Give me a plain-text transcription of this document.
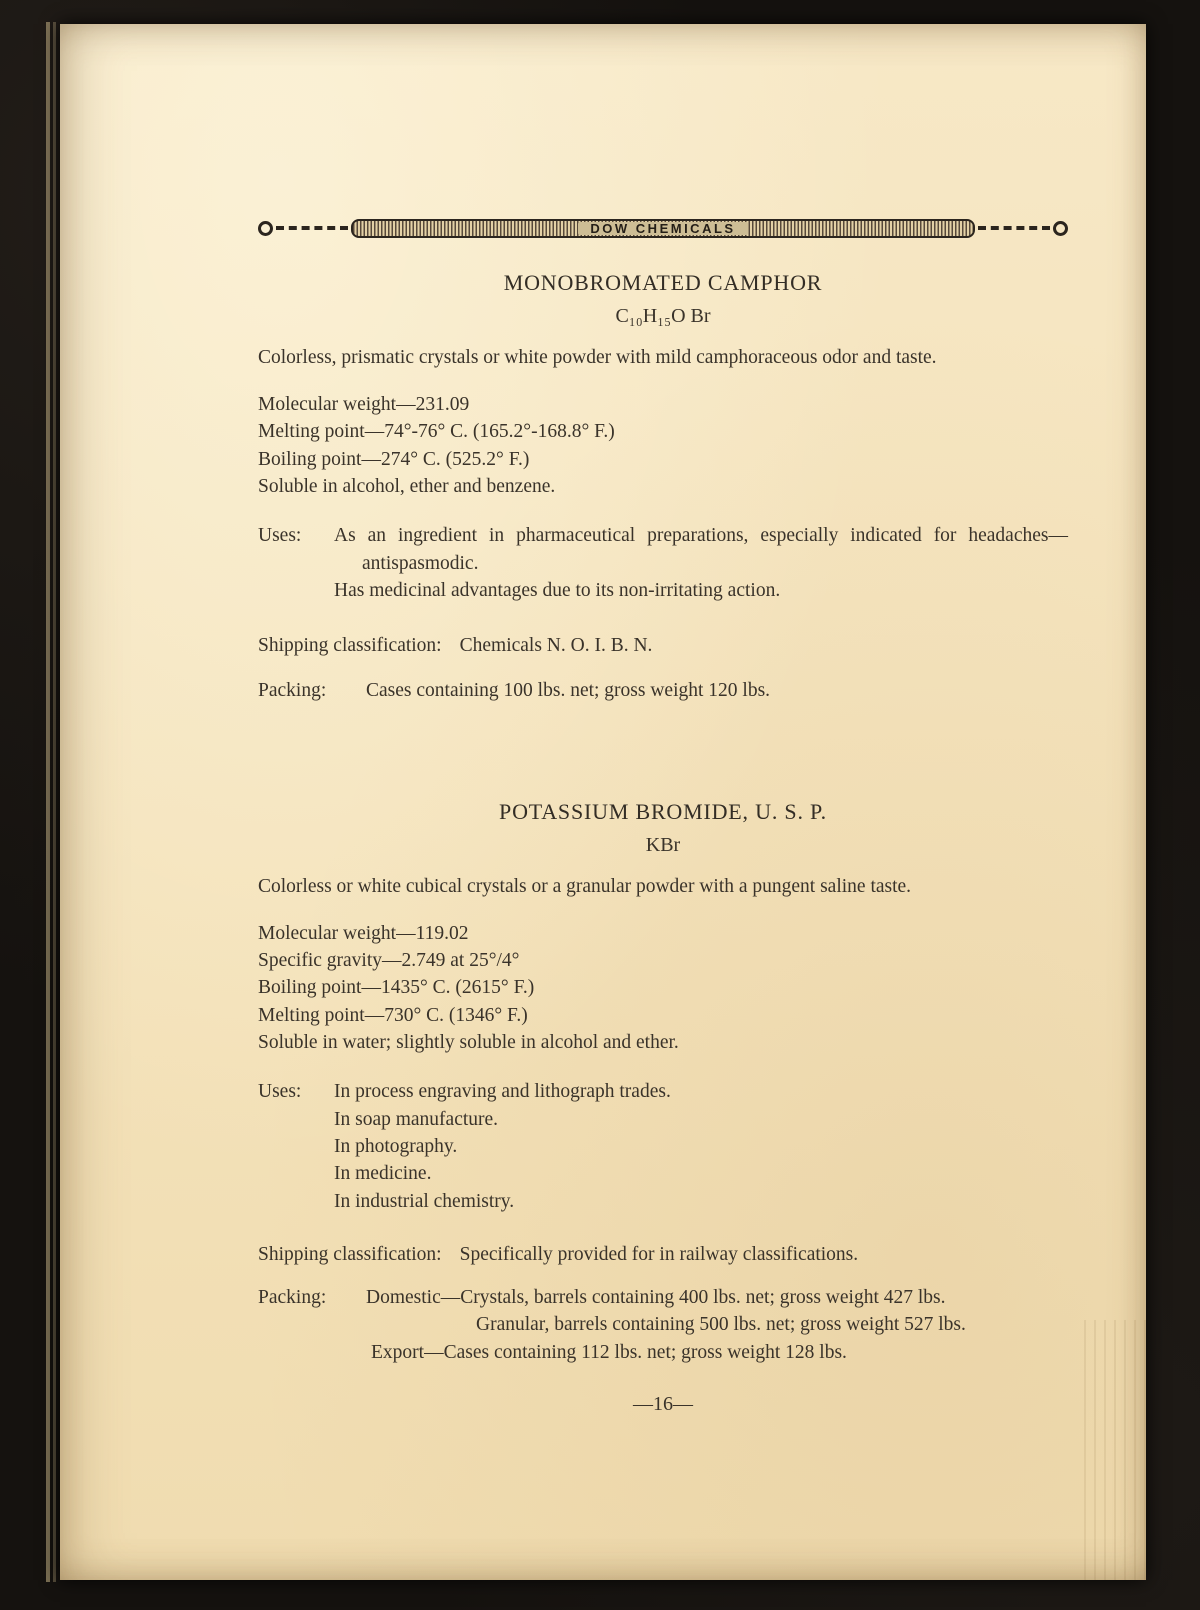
DOW CHEMICALS
MONOBROMATED CAMPHOR
C₁₀H₁₅O Br

Colorless, prismatic crystals or white powder with mild camphoraceous odor and taste.

Molecular weight—231.09
Melting point—74°-76° C. (165.2°-168.8° F.)
Boiling point—274° C. (525.2° F.)
Soluble in alcohol, ether and benzene.
Uses:	As an ingredient in pharmaceutical preparations, especially indicated for headaches—antispasmodic.

Has medicinal advantages due to its non-irritating action.

Shipping classification: Chemicals N. O. I. B. N.
Packing:	Cases containing 100 lbs. net; gross weight 120 lbs.

POTASSIUM BROMIDE, U. S. P.
KBr

Colorless or white cubical crystals or a granular powder with a pungent saline taste.

Molecular weight—119.02
Specific gravity—2.749 at 25°/4°
Boiling point—1435° C. (2615° F.)
Melting point—730° C. (1346° F.)
Soluble in water; slightly soluble in alcohol and ether.
Uses:	In process engraving and lithograph trades.

In soap manufacture.

In photography.

In medicine.

In industrial chemistry.

Shipping classification: Specifically provided for in railway classifications.
Packing:	Domestic—Crystals, barrels containing 400 lbs. net; gross weight 427 lbs.

Granular, barrels containing 500 lbs. net; gross weight 527 lbs.

Export—Cases containing 112 lbs. net; gross weight 128 lbs.

—16—
